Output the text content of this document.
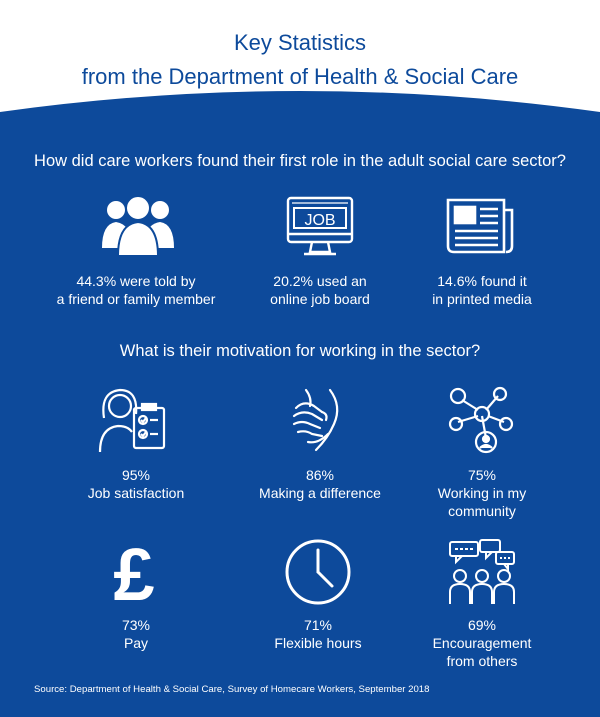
Key Statistics
from the Department of Health & Social Care
How did care workers found their first role in the adult social care sector?
44.3% were told by
a friend or family member
JOB
20.2% used an
online job board
14.6% found it
in printed media
What is their motivation for working in the sector?
95%
Job satisfaction
86%
Making a difference
75%
Working in my
community
£
73%
Pay
71%
Flexible hours
69%
Encouragement
from others
Source: Department of Health & Social Care, Survey of Homecare Workers, September 2018
